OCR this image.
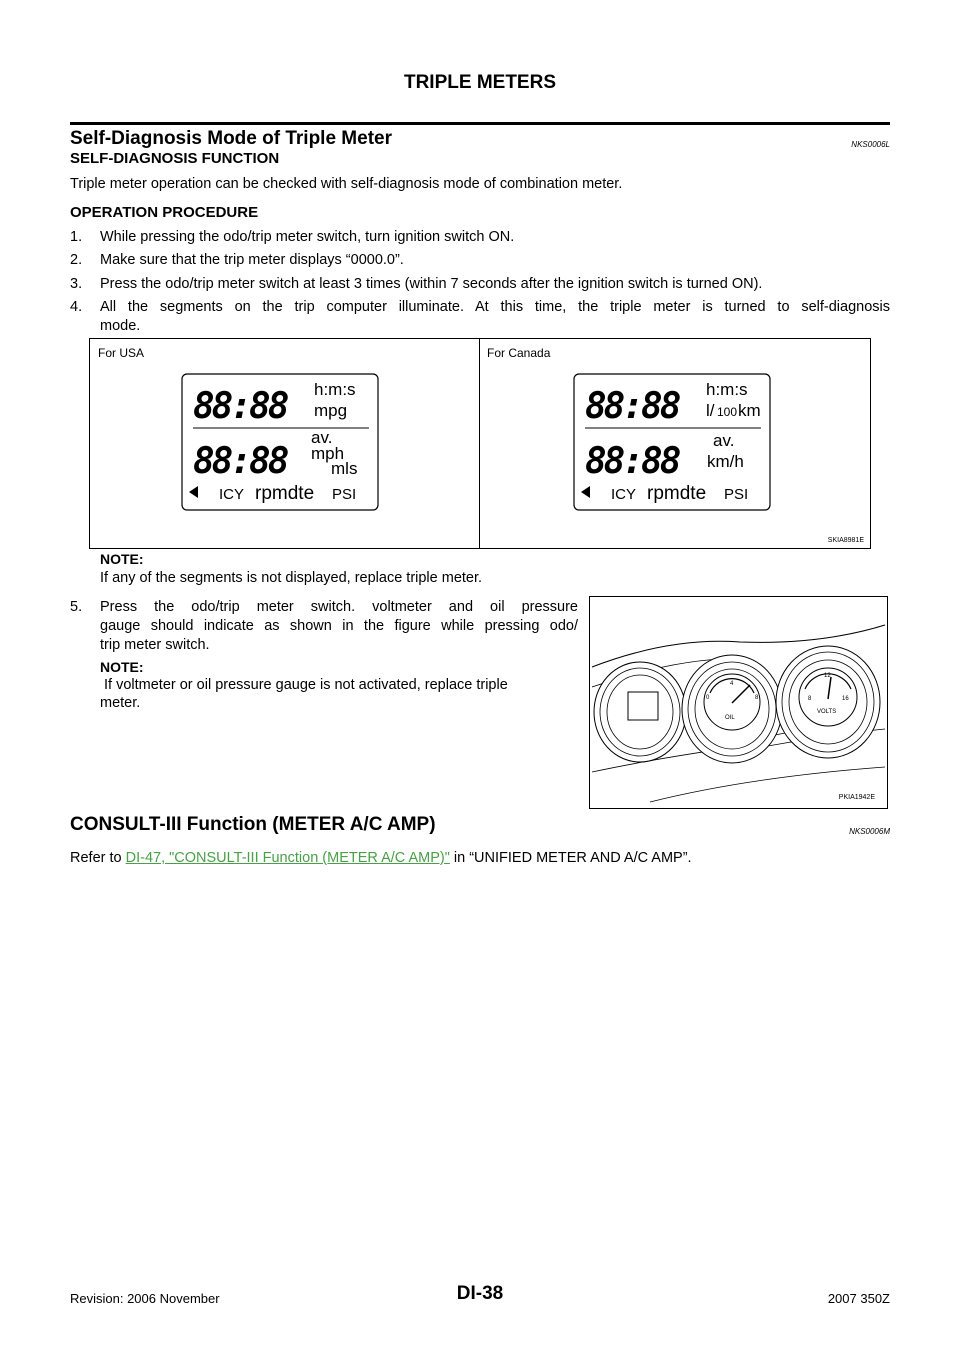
TRIPLE METERS
Self-Diagnosis Mode of Triple Meter	NKS0006L
SELF-DIAGNOSIS FUNCTION
Triple meter operation can be checked with self-diagnosis mode of combination meter.
OPERATION PROCEDURE
1. While pressing the odo/trip meter switch, turn ignition switch ON.
2. Make sure that the trip meter displays “0000.0”.
3. Press the odo/trip meter switch at least 3 times (within 7 seconds after the ignition switch is turned ON).
4. All the segments on the trip computer illuminate. At this time, the triple meter is turned to self-diagnosis
mode.
For USA	For Canada
SKIA8981E
88:88
88:88
h:m:s
mpg
av.
mph
mls
ICY rpmdte PSI
88:88
88:88
h:m:s
l/ 100 km
av.
km/h
ICY rpmdte PSI
NOTE:
If any of the segments is not displayed, replace triple meter.
5. Press the odo/trip meter switch. voltmeter and oil pressure
gauge should indicate as shown in the figure while pressing odo/
trip meter switch.
NOTE:
If voltmeter or oil pressure gauge is not activated, replace triple
meter.	0
4
8
OIL
8
12
16
VOLTS
PKIA1942E
CONSULT-III Function (METER A/C AMP)	NKS0006M
Refer to DI-47, "CONSULT-III Function (METER A/C AMP)" in “UNIFIED METER AND A/C AMP”.
Revision: 2006 November	DI-38	2007 350Z
